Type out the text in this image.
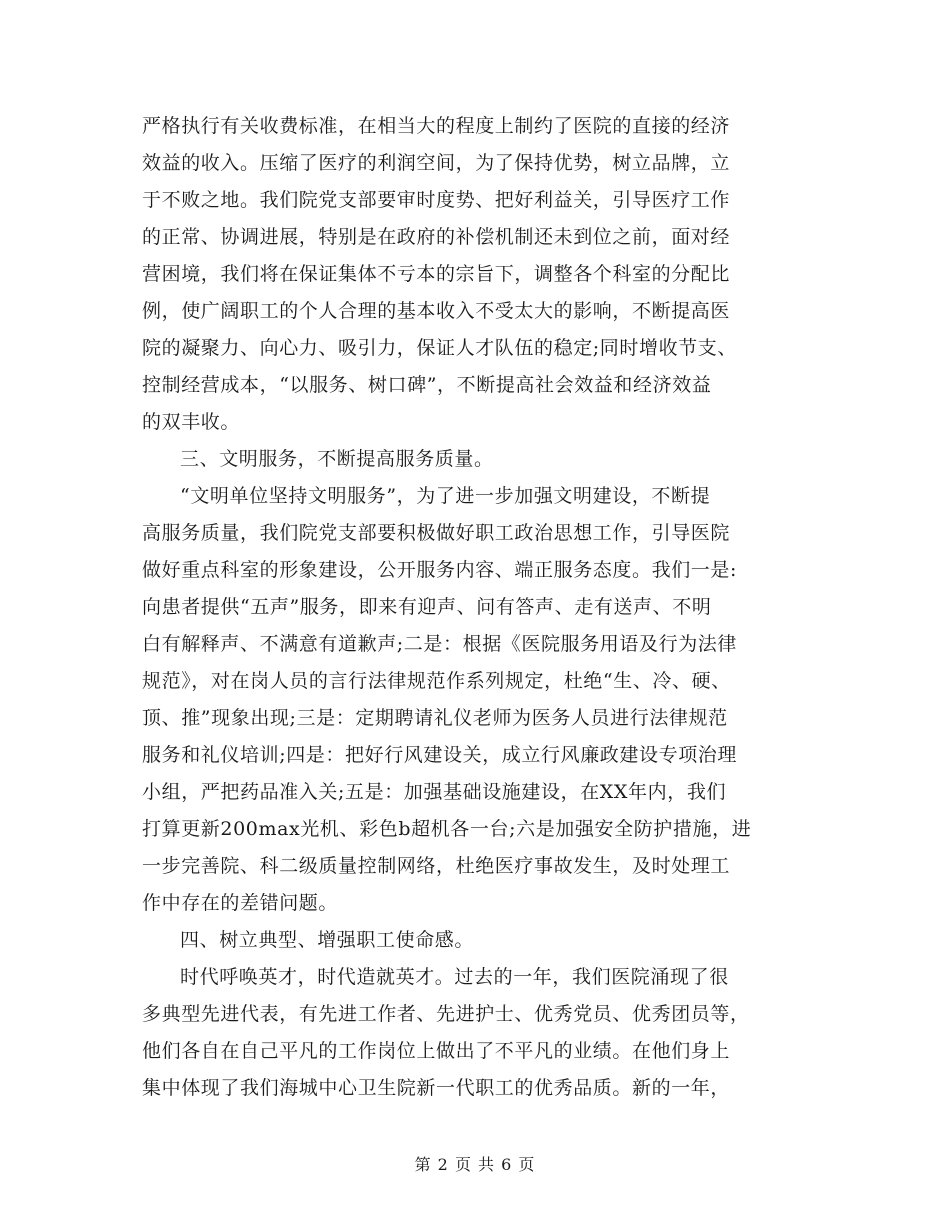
严格执行有关收费标准，在相当大的程度上制约了医院的直接的经济
效益的收入。压缩了医疗的利润空间，为了保持优势，树立品牌，立
于不败之地。我们院党支部要审时度势、把好利益关，引导医疗工作
的正常、协调进展，特别是在政府的补偿机制还未到位之前，面对经
营困境，我们将在保证集体不亏本的宗旨下，调整各个科室的分配比
例，使广阔职工的个人合理的基本收入不受太大的影响，不断提高医
院的凝聚力、向心力、吸引力，保证人才队伍的稳定;同时增收节支、
控制经营成本，“以服务、树口碑”，不断提高社会效益和经济效益
的双丰收。
三、文明服务，不断提高服务质量。
“文明单位坚持文明服务”，为了进一步加强文明建设，不断提
高服务质量，我们院党支部要积极做好职工政治思想工作，引导医院
做好重点科室的形象建设，公开服务内容、端正服务态度。我们一是:
向患者提供“五声”服务，即来有迎声、问有答声、走有送声、不明
白有解释声、不满意有道歉声;二是：根据《医院服务用语及行为法律
规范》，对在岗人员的言行法律规范作系列规定，杜绝“生、冷、硬、
顶、推”现象出现;三是：定期聘请礼仪老师为医务人员进行法律规范
服务和礼仪培训;四是：把好行风建设关，成立行风廉政建设专项治理
小组，严把药品准入关;五是：加强基础设施建设，在XX年内，我们
打算更新200max光机、彩色b超机各一台;六是加强安全防护措施，进
一步完善院、科二级质量控制网络，杜绝医疗事故发生，及时处理工
作中存在的差错问题。
四、树立典型、增强职工使命感。
时代呼唤英才，时代造就英才。过去的一年，我们医院涌现了很
多典型先进代表，有先进工作者、先进护士、优秀党员、优秀团员等，
他们各自在自己平凡的工作岗位上做出了不平凡的业绩。在他们身上
集中体现了我们海城中心卫生院新一代职工的优秀品质。新的一年，
第 2 页 共 6 页
